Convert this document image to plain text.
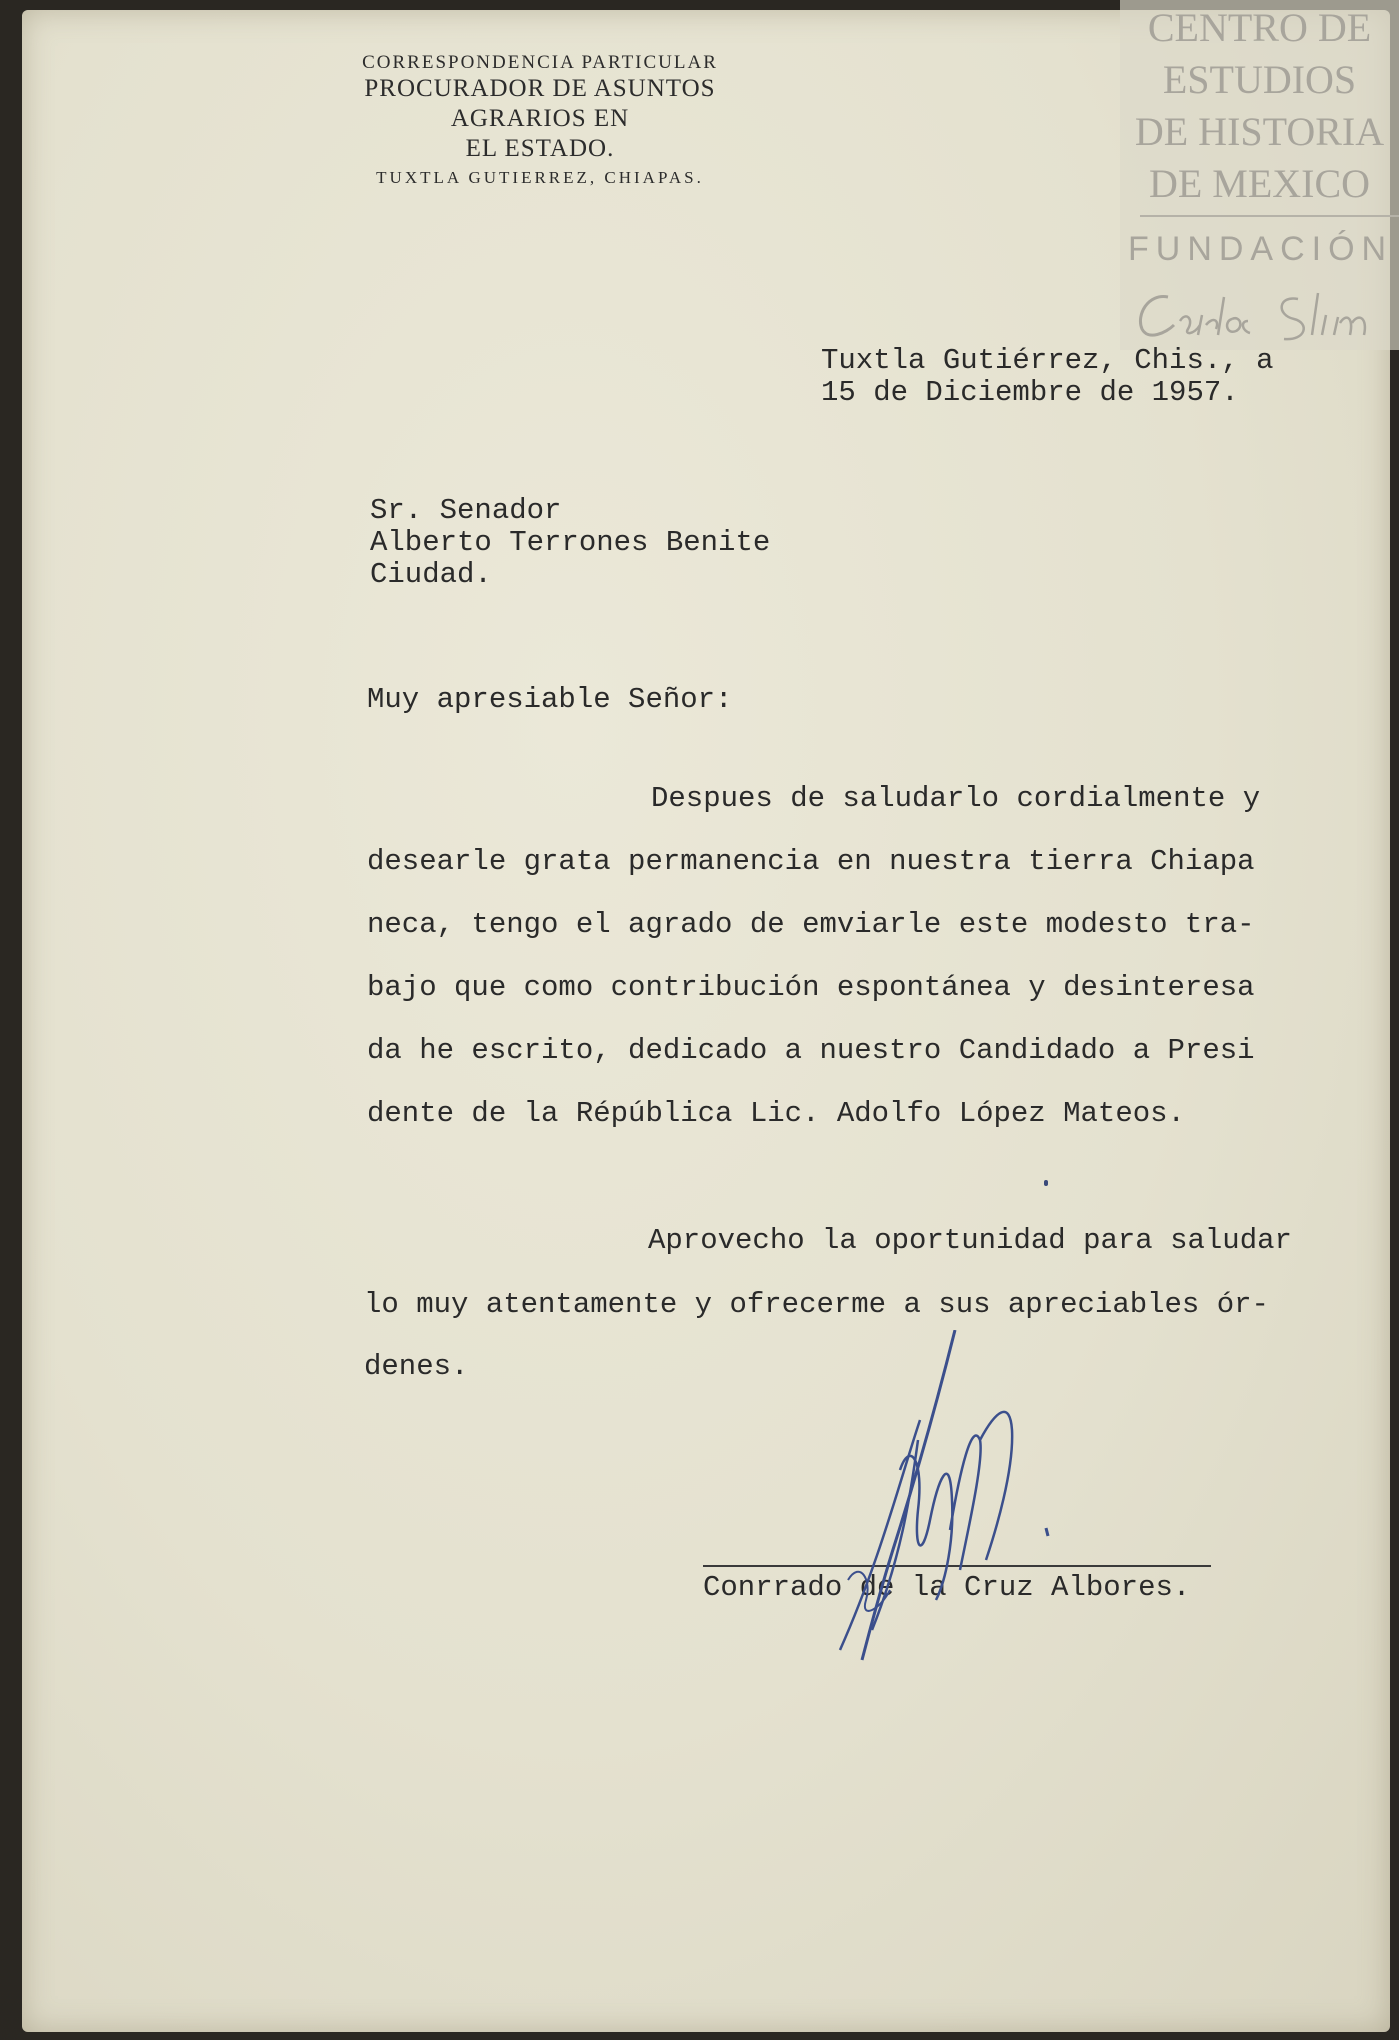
CORRESPONDENCIA PARTICULAR
PROCURADOR DE ASUNTOS AGRARIOS EN
EL ESTADO.
TUXTLA GUTIERREZ, CHIAPAS.
CENTRO DE
ESTUDIOS
DE HISTORIA
DE MEXICO
FUNDACIÓN
Tuxtla Gutiérrez, Chis., a
15 de Diciembre de 1957.
Sr. Senador
Alberto Terrones Benite
Ciudad.
Muy apresiable Señor:
Despues de saludarlo cordialmente y
desearle grata permanencia en nuestra tierra Chiapa
neca, tengo el agrado de emviarle este modesto tra-
bajo que como contribución espontánea y desinteresa
da he escrito, dedicado a nuestro Candidado a Presi
dente de la Répública Lic. Adolfo López Mateos.
Aprovecho la oportunidad para saludar
lo muy atentamente y ofrecerme a sus apreciables ór-
denes.
Conrrado de la Cruz Albores.
